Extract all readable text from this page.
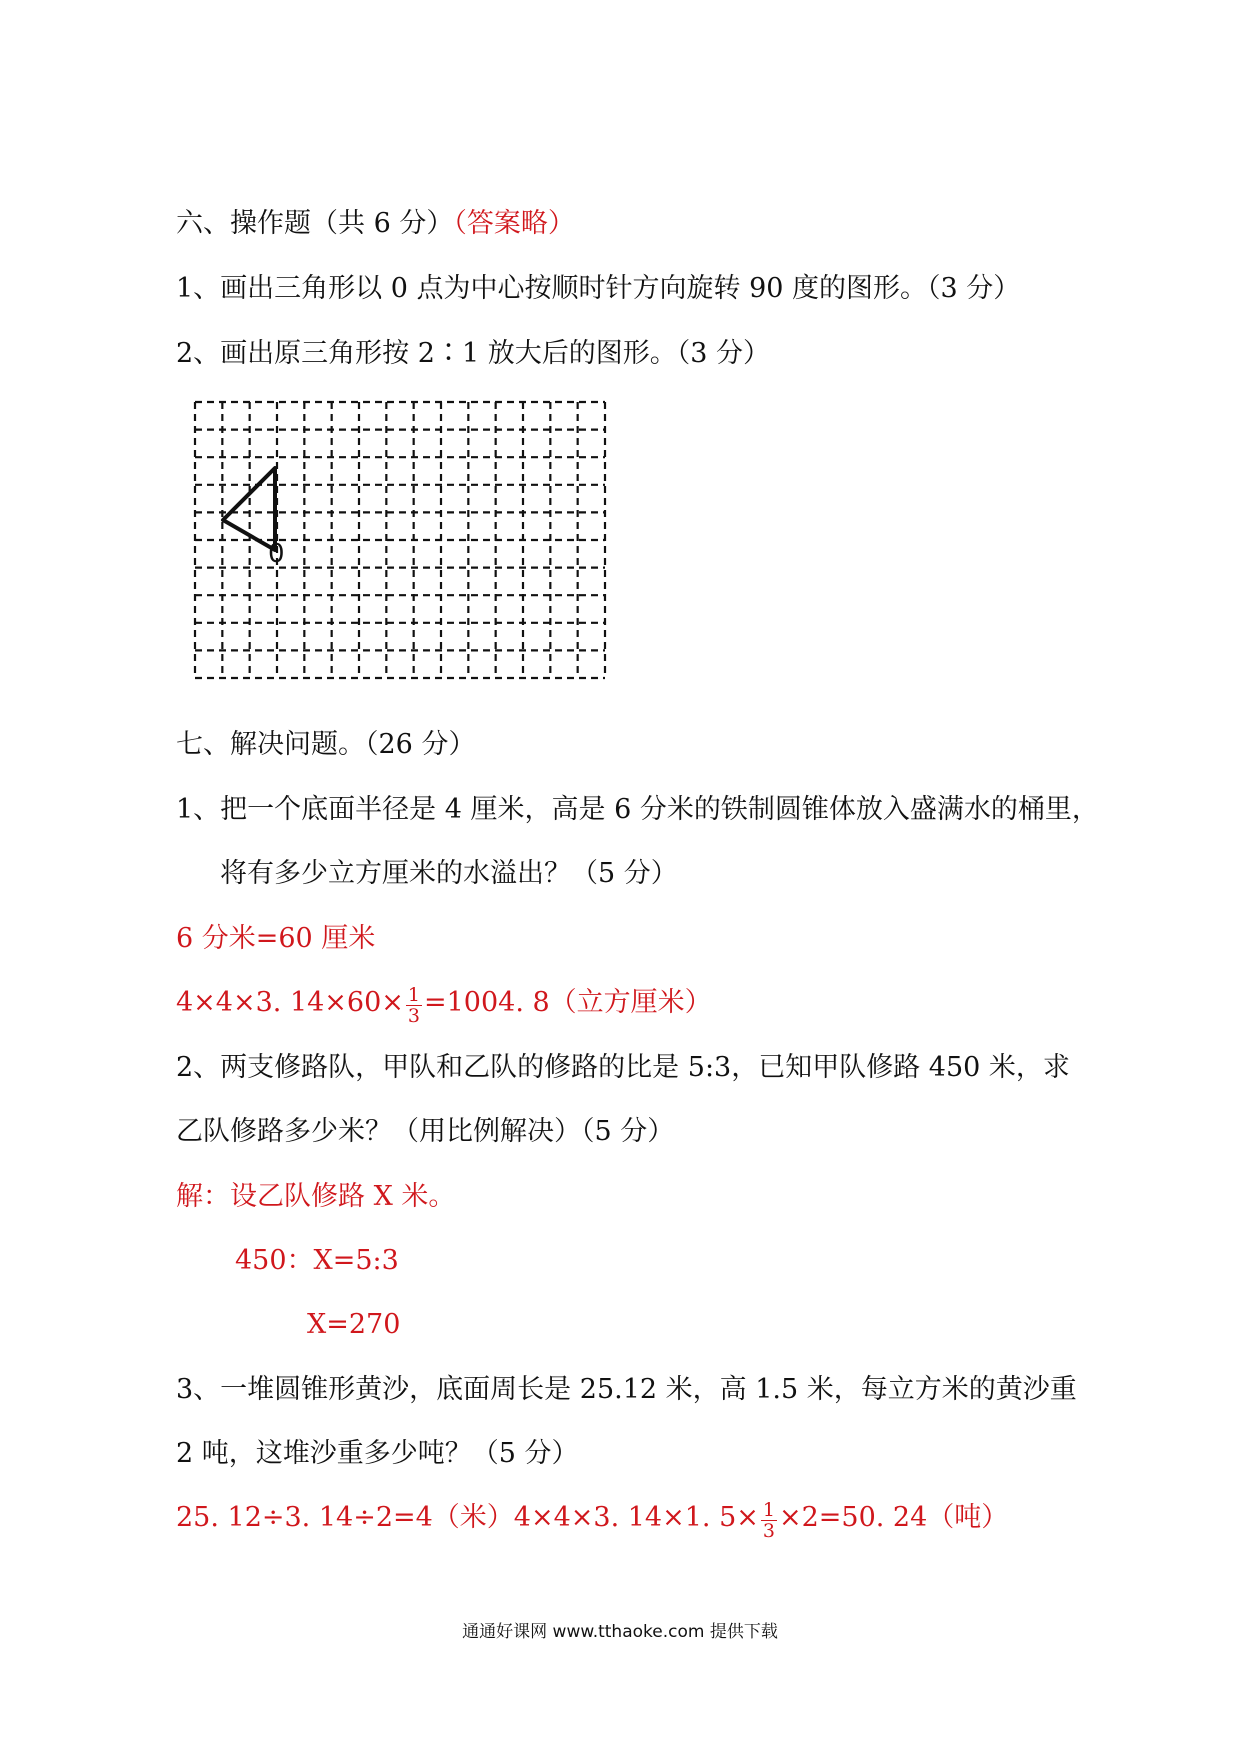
六、操作题（共 6 分）（答案略）
1、画出三角形以 0 点为中心按顺时针方向旋转 90 度的图形。（3 分）
2、画出原三角形按 2∶1 放大后的图形。（3 分）
0
七、解决问题。（26 分）
1、把一个底面半径是 4 厘米，高是 6 分米的铁制圆锥体放入盛满水的桶里，
将有多少立方厘米的水溢出？（5 分）
6 分米=60 厘米
4×4×3. $14\times 60\times \frac{1}{3} =1004$. 8（立方厘米）
2、两支修路队，甲队和乙队的修路的比是 5:3，已知甲队修路 450 米，求
乙队修路多少米？（用比例解决）（5 分）
解：设乙队修路 X 米。
450：X=5:3
X=270
3、一堆圆锥形黄沙，底面周长是 25.12 米，高 1.5 米，每立方米的黄沙重
2 吨，这堆沙重多少吨？（5 分）
25. 12÷3. 14÷2=4（米）4×4×3. 14×1. $5\times \frac{1}{3} \times 2=50$. 24（吨）
通通好课网 www.tthaoke.com 提供下载
